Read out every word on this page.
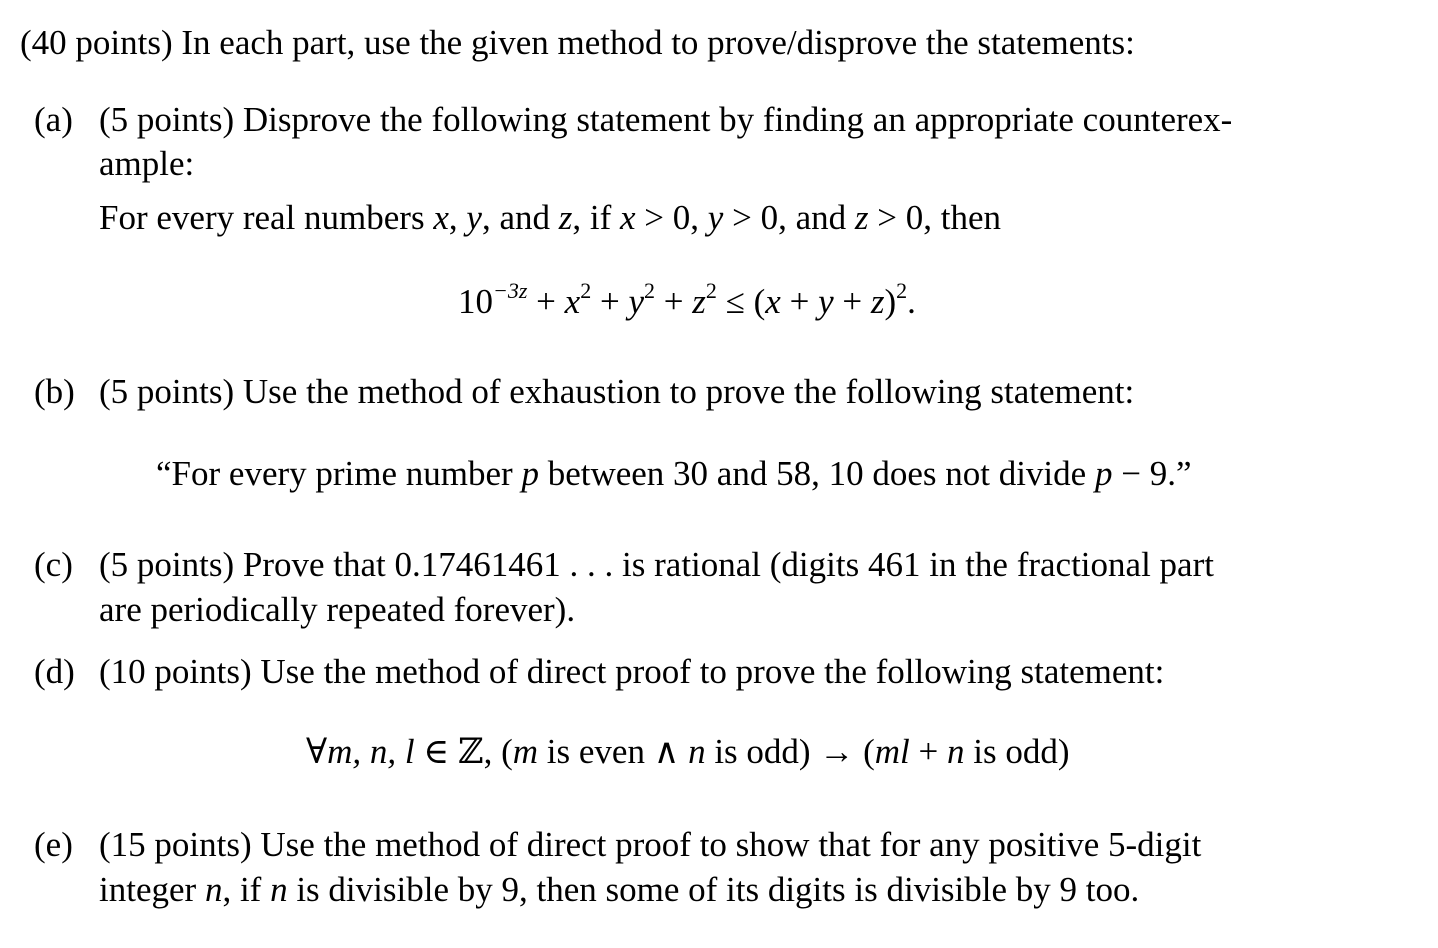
(40 points) In each part, use the given method to prove/disprove the statements:
(a) (5 points) Disprove the following statement by finding an appropriate counterex-
ample:
For every real numbers x, y, and z, if x > 0, y > 0, and z > 0, then
$10^{-3z} + x^2 + y^2 + z^2 \le (x + y + z)^2$.
(b) (5 points) Use the method of exhaustion to prove the following statement:
“For every prime number p between 30 and 58, 10 does not divide p − 9.”
(c) (5 points) Prove that 0.17461461 . . . is rational (digits 461 in the fractional part
are periodically repeated forever).
(d) (10 points) Use the method of direct proof to prove the following statement:
∀m, n, l ∈ ℤ, (m is even ∧ n is odd) → (ml + n is odd)
(e) (15 points) Use the method of direct proof to show that for any positive 5-digit
integer n, if n is divisible by 9, then some of its digits is divisible by 9 too.
